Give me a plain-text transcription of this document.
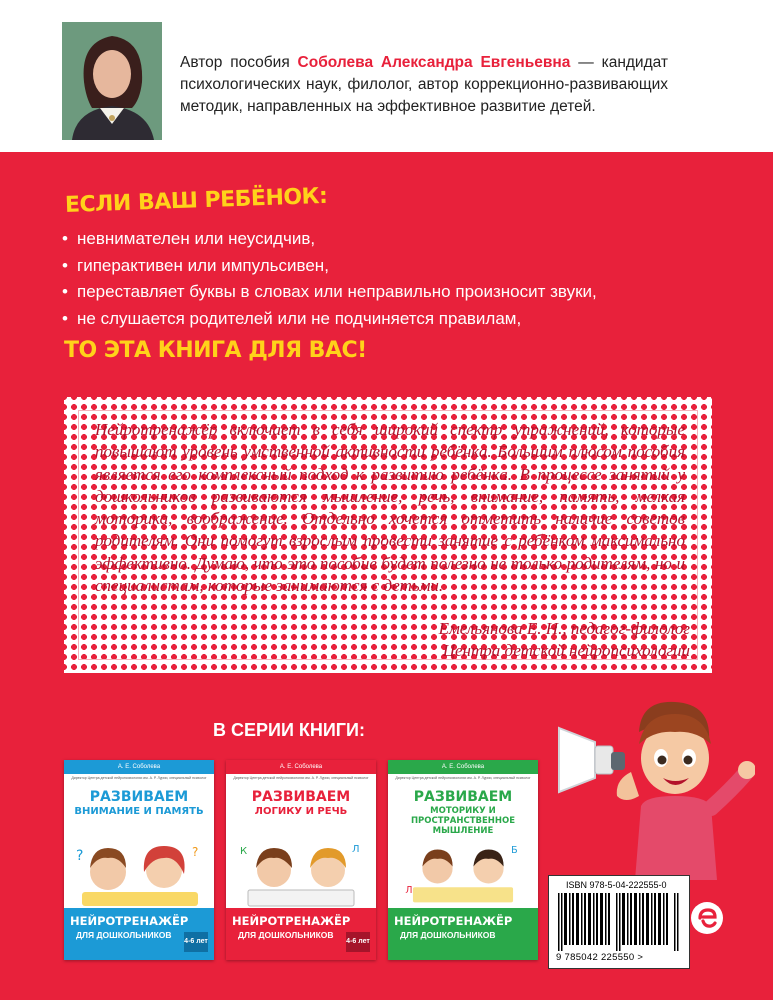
Автор пособия Соболева Александра Евгеньевна — кандидат психологических наук, филолог, автор коррекционно-развивающих методик, направленных на эффективное развитие детей.
ЕСЛИ ВАШ РЕБЁНОК:
• невнимателен или неусидчив,
• гиперактивен или импульсивен,
• переставляет буквы в словах или неправильно произносит звуки,
• не слушается родителей или не подчиняется правилам,
ТО ЭТА КНИГА ДЛЯ ВАС!
Нейротренажёр включает в себя широкий спектр упражнений, которые повышают уровень умственной активности ребёнка. Большим плюсом пособия является его комплексный подход к развитию ребёнка. В процессе занятий у дошкольников развиваются мышление, речь, внимание, память, мелкая моторика, воображение. Отдельно хочется отметить наличие советов родителям. Они помогут взрослым провести занятие с ребёнком максимально эффективно. Думаю, что это пособие будет полезно не только родителям, но и специалистам, которые занимаются с детьми.
Емельянова Е. Н., педагог-филолог
Центра детской нейропсихологии
В СЕРИИ КНИГИ:
А. Е. Соболева
Директор Центра детской нейропсихологии им. А. Р. Лурии, специальный психолог
РАЗВИВАЕМ
ВНИМАНИЕ И ПАМЯТЬ
?	?
НЕЙРОТРЕНАЖЁР
ДЛЯ ДОШКОЛЬНИКОВ
4-6 лет
А. Е. Соболева
Директор Центра детской нейропсихологии им. А. Р. Лурии, специальный психолог
РАЗВИВАЕМ
ЛОГИКУ И РЕЧЬ
К	Л
НЕЙРОТРЕНАЖЁР
ДЛЯ ДОШКОЛЬНИКОВ
4-6 лет
А. Е. Соболева
Директор Центра детской нейропсихологии им. А. Р. Лурии, специальный психолог
РАЗВИВАЕМ
МОТОРИКУ И ПРОСТРАНСТВЕННОЕ МЫШЛЕНИЕ
Л
Б
НЕЙРОТРЕНАЖЁР
ДЛЯ ДОШКОЛЬНИКОВ
ISBN 978-5-04-222555-0
9 785042 225550 >
